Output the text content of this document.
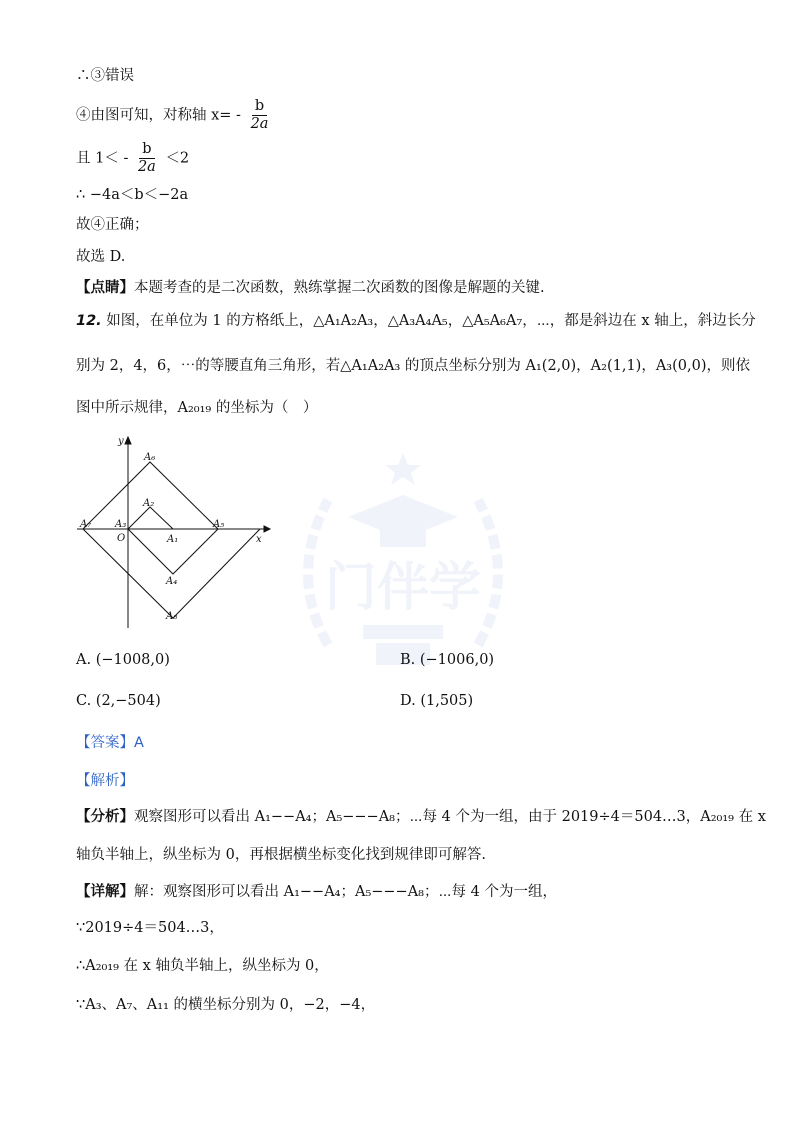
门伴学
∴③错误
④由图可知，对称轴 $x= - \frac{b}{2a}$
且 $1< - \frac{b}{2a} <2$
∴ −4a＜b＜−2a
故④正确；
故选 D.
【点睛】本题考查的是二次函数，熟练掌握二次函数的图像是解题的关键.
12. 如图，在单位为 1 的方格纸上，△A₁A₂A₃，△A₃A₄A₅，△A₅A₆A₇，⋯，都是斜边在 x 轴上，斜边长分
别为 2，4，6，⋯的等腰直角三角形，若△A₁A₂A₃ 的顶点坐标分别为 A₁(2,0)，A₂(1,1)，A₃(0,0)，则依
图中所示规律，A₂₀₁₉ 的坐标为（　）
y
x
O	A₁
A₂
A₃
A₄
A₅
A₆
A₇
A₈
A. (−1008,0)	B. (−1006,0)
C. (2,−504)	D. (1,505)
【答案】A
【解析】
【分析】观察图形可以看出 A₁−−A₄；A₅−−−A₈；⋯每 4 个为一组，由于 2019÷4＝504…3，A₂₀₁₉ 在 x
轴负半轴上，纵坐标为 0，再根据横坐标变化找到规律即可解答.
【详解】解：观察图形可以看出 A₁−−A₄；A₅−−−A₈；⋯每 4 个为一组，
∵2019÷4＝504…3，
∴A₂₀₁₉ 在 x 轴负半轴上，纵坐标为 0，
∵A₃、A₇、A₁₁ 的横坐标分别为 0，−2，−4，
